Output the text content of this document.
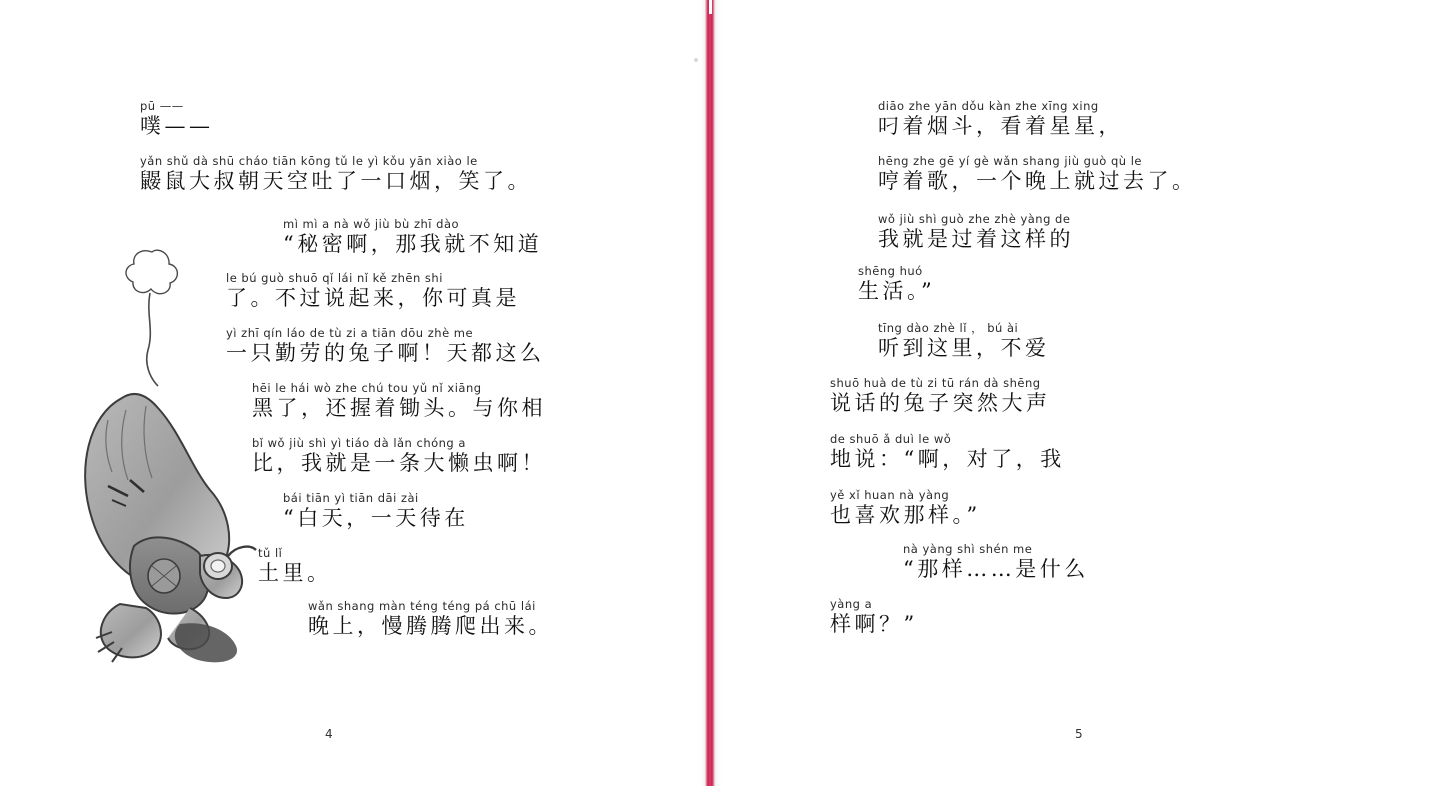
pū ——
噗——
yǎn shǔ dà shū cháo tiān kōng tǔ le yì kǒu yān xiào le
鼹鼠大叔朝天空吐了一口烟，笑了。
mì mì a nà wǒ jiù bù zhī dào
“秘密啊，那我就不知道
le bú guò shuō qǐ lái nǐ kě zhēn shi
了。不过说起来，你可真是
yì zhī qín láo de tù zi a tiān dōu zhè me
一只勤劳的兔子啊！天都这么
hēi le hái wò zhe chú tou yǔ nǐ xiāng
黑了，还握着锄头。与你相
bǐ wǒ jiù shì yì tiáo dà lǎn chóng a
比，我就是一条大懒虫啊！
bái tiān yì tiān dāi zài
“白天，一天待在
tǔ lǐ
土里。
wǎn shang màn téng téng pá chū lái
晚上，慢腾腾爬出来。
4
diāo zhe yān dǒu kàn zhe xīng xing
叼着烟斗，看着星星，
hēng zhe gē yí gè wǎn shang jiù guò qù le
哼着歌，一个晚上就过去了。
wǒ jiù shì guò zhe zhè yàng de
我就是过着这样的
shēng huó
生活。”
tīng dào zhè lǐ ， bú ài
听到这里，不爱
shuō huà de tù zi tū rán dà shēng
说话的兔子突然大声
de shuō ǎ duì le wǒ
地说：“啊，对了，我
yě xǐ huan nà yàng
也喜欢那样。”
nà yàng shì shén me
“那样……是什么
yàng a
样啊？”
5
